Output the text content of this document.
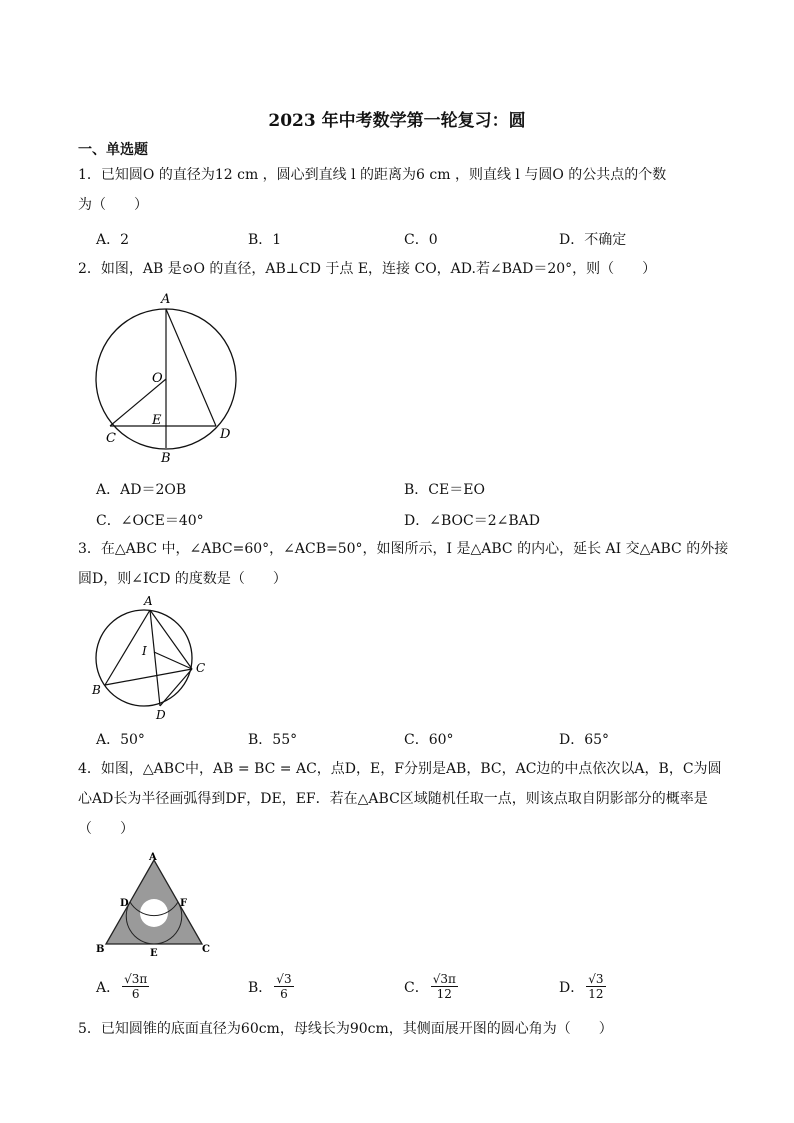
2023 年中考数学第一轮复习：圆
一、单选题
1．已知圆O 的直径为12 cm ，圆心到直线 l 的距离为6 cm ，则直线 l 与圆O 的公共点的个数
为（　　）
A．2	B．1	C．0	D．不确定
2．如图，AB 是⊙O 的直径，AB⊥CD 于点 E，连接 CO，AD.若∠BAD＝20°，则（　　）
A
O
E
C	D
B
A．AD＝2OB	B．CE＝EO
C．∠OCE＝40°	D．∠BOC＝2∠BAD
3．在△ABC 中，∠ABC=60°，∠ACB=50°，如图所示，I 是△ABC 的内心，延长 AI 交△ABC 的外接
圆D，则∠ICD 的度数是（　　）
A
I
C
B
D
A．50°	B．55°	C．60°	D．65°
4．如图，△ABC中，AB = BC = AC，点D，E，F分别是AB，BC，AC边的中点依次以A，B，C为圆
心AD长为半径画弧得到DF，DE，EF．若在△ABC区域随机任取一点，则该点取自阴影部分的概率是
（　　）
A
D	F
B	E	C
A． $\frac{√3\pi}{6}$	B． $\frac{√3}{6}$	C． $\frac{√3\pi}{12}$	D． $\frac{√3}{12}$
5．已知圆锥的底面直径为60cm，母线长为90cm，其侧面展开图的圆心角为（　　）
